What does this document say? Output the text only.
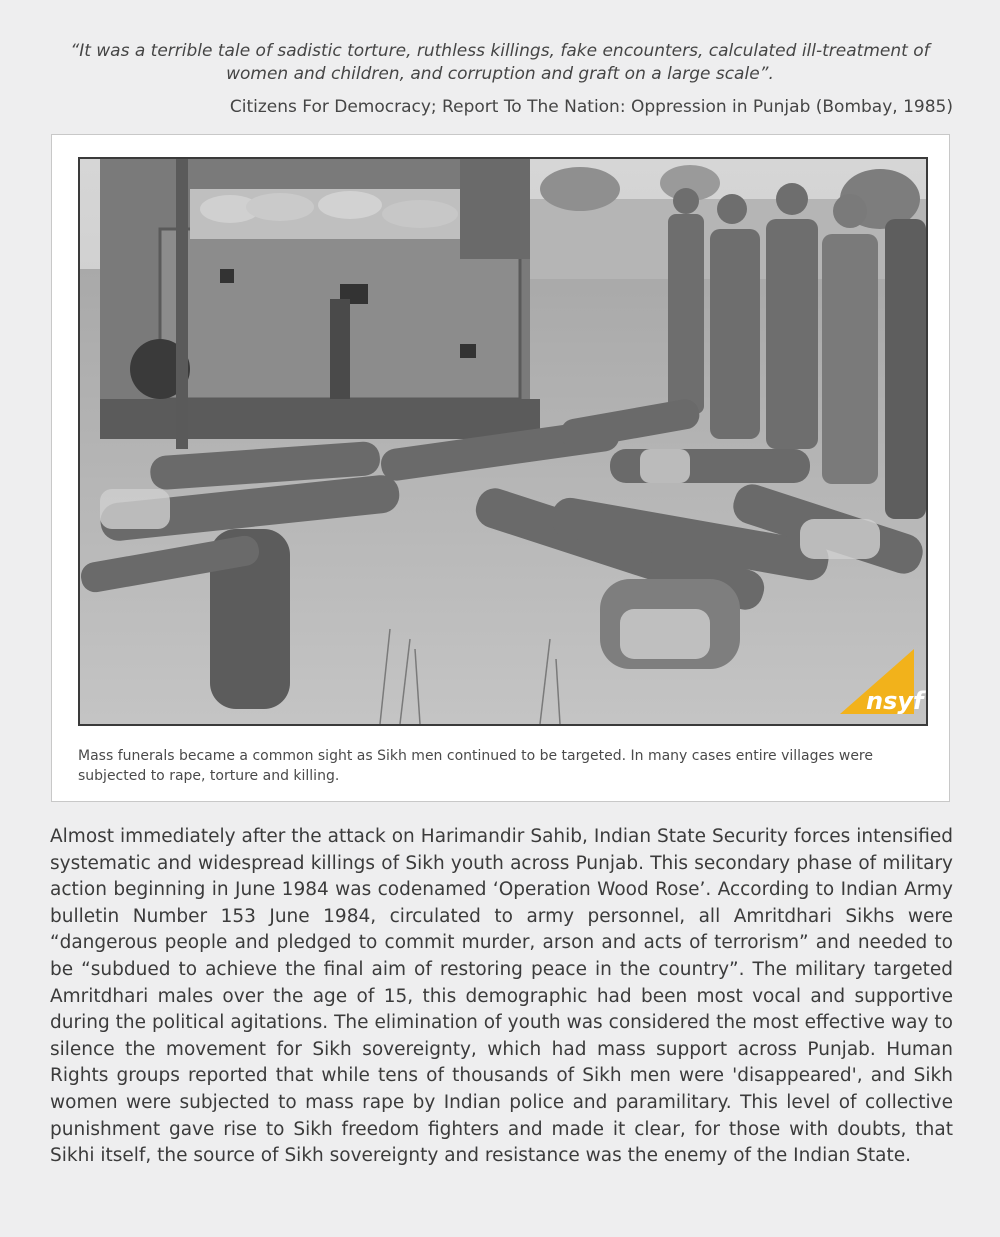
“It was a terrible tale of sadistic torture, ruthless killings, fake encounters, calculated ill-treatment of women and children, and corruption and graft on a large scale”.
Citizens For Democracy; Report To The Nation: Oppression in Punjab (Bombay, 1985)
nsyf
Mass funerals became a common sight as Sikh men continued to be targeted. In many cases entire villages were subjected to rape, torture and killing.
Almost immediately after the attack on Harimandir Sahib, Indian State Security forces intensified systematic and widespread killings of Sikh youth across Punjab. This secondary phase of military action beginning in June 1984 was codenamed ‘Operation Wood Rose’. According to Indian Army bulletin Number 153 June 1984, circulated to army personnel, all Amritdhari Sikhs were “dangerous people and pledged to commit murder, arson and acts of terrorism” and needed to be “subdued to achieve the final aim of restoring peace in the country”. The military targeted Amritdhari males over the age of 15, this demographic had been most vocal and supportive during the political agitations. The elimination of youth was considered the most effective way to silence the movement for Sikh sovereignty, which had mass support across Punjab. Human Rights groups reported that while tens of thousands of Sikh men were 'disappeared', and Sikh women were subjected to mass rape by Indian police and paramilitary. This level of collective punishment gave rise to Sikh freedom fighters and made it clear, for those with doubts, that Sikhi itself, the source of Sikh sovereignty and resistance was the enemy of the Indian State.
